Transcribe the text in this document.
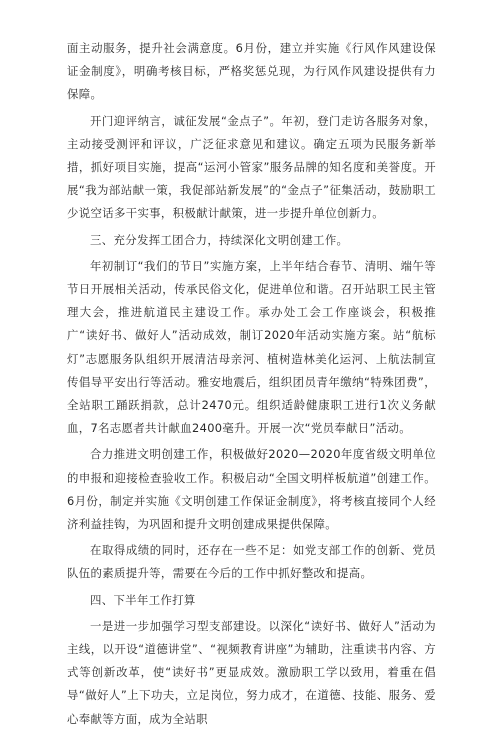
面主动服务，提升社会满意度。6月份，建立并实施《行风作风建设保证金制度》，明确考核目标，严格奖惩兑现，为行风作风建设提供有力保障。

开门迎评纳言，诚征发展“金点子”。年初，登门走访各服务对象，主动接受测评和评议，广泛征求意见和建议。确定五项为民服务新举措，抓好项目实施，提高“运河小管家”服务品牌的知名度和美誉度。开展“我为部站献一策，我促部站新发展”的“金点子”征集活动，鼓励职工少说空话多干实事，积极献计献策，进一步提升单位创新力。

三、充分发挥工团合力，持续深化文明创建工作。

年初制订“我们的节日”实施方案，上半年结合春节、清明、端午等节日开展相关活动，传承民俗文化，促进单位和谐。召开站职工民主管理大会，推进航道民主建设工作。承办处工会工作座谈会，积极推广“读好书、做好人”活动成效，制订2020年活动实施方案。站“航标灯”志愿服务队组织开展清洁母亲河、植树造林美化运河、上航法制宣传倡导平安出行等活动。雅安地震后，组织团员青年缴纳“特殊团费”，全站职工踊跃捐款，总计2470元。组织适龄健康职工进行1次义务献血，7名志愿者共计献血2400毫升。开展一次“党员奉献日”活动。

合力推进文明创建工作，积极做好2020—2020年度省级文明单位的申报和迎接检查验收工作。积极启动“全国文明样板航道”创建工作。6月份，制定并实施《文明创建工作保证金制度》，将考核直接同个人经济利益挂钩，为巩固和提升文明创建成果提供保障。

在取得成绩的同时，还存在一些不足：如党支部工作的创新、党员队伍的素质提升等，需要在今后的工作中抓好整改和提高。

四、下半年工作打算

一是进一步加强学习型支部建设。以深化“读好书、做好人”活动为主线，以开设“道德讲堂”、“视频教育讲座”为辅助，注重读书内容、方式等创新改革，使“读好书”更显成效。激励职工学以致用，着重在倡导“做好人”上下功夫，立足岗位，努力成才，在道德、技能、服务、爱心奉献等方面，成为全站职
